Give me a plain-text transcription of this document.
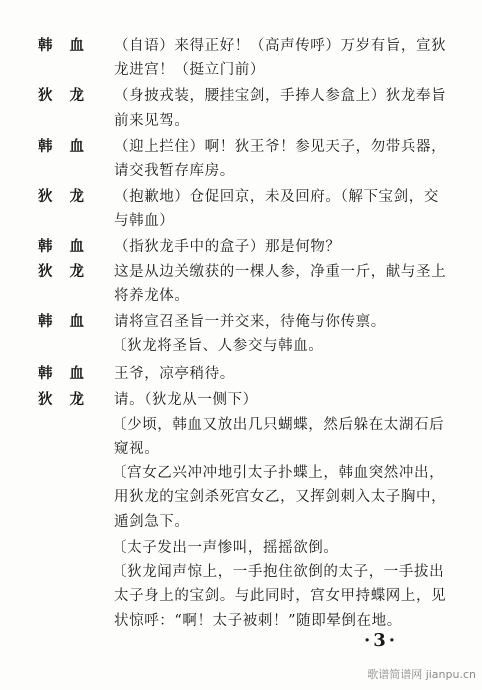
韩 血 （自语）来得正好！（高声传呼）万岁有旨，宣狄
龙进宫！（挺立门前）
狄 龙 （身披戎装，腰挂宝剑，手捧人参盒上）狄龙奉旨
前来见驾。
韩 血 （迎上拦住）啊！狄王爷！参见天子，勿带兵器，
请交我暂存库房。
狄 龙 （抱歉地）仓促回京，未及回府。（解下宝剑，交
与韩血）
韩 血 （指狄龙手中的盒子）那是何物？
狄 龙 这是从边关缴获的一棵人参，净重一斤，献与圣上
将养龙体。
韩 血 请将宣召圣旨一并交来，待俺与你传禀。
〔狄龙将圣旨、人参交与韩血。
韩 血 王爷，凉亭稍待。
狄 龙 请。（狄龙从一侧下）
〔少顷，韩血又放出几只蝴蝶，然后躲在太湖石后
窥视。
〔宫女乙兴冲冲地引太子扑蝶上，韩血突然冲出，
用狄龙的宝剑杀死宫女乙，又挥剑刺入太子胸中，
遁剑急下。
〔太子发出一声惨叫，摇摇欲倒。
〔狄龙闻声惊上，一手抱住欲倒的太子，一手拔出
太子身上的宝剑。与此同时，宫女甲持蝶网上，见
状惊呼：“啊！太子被刺！”随即晕倒在地。
·3·
歌谱简谱网 jianpu.cn
